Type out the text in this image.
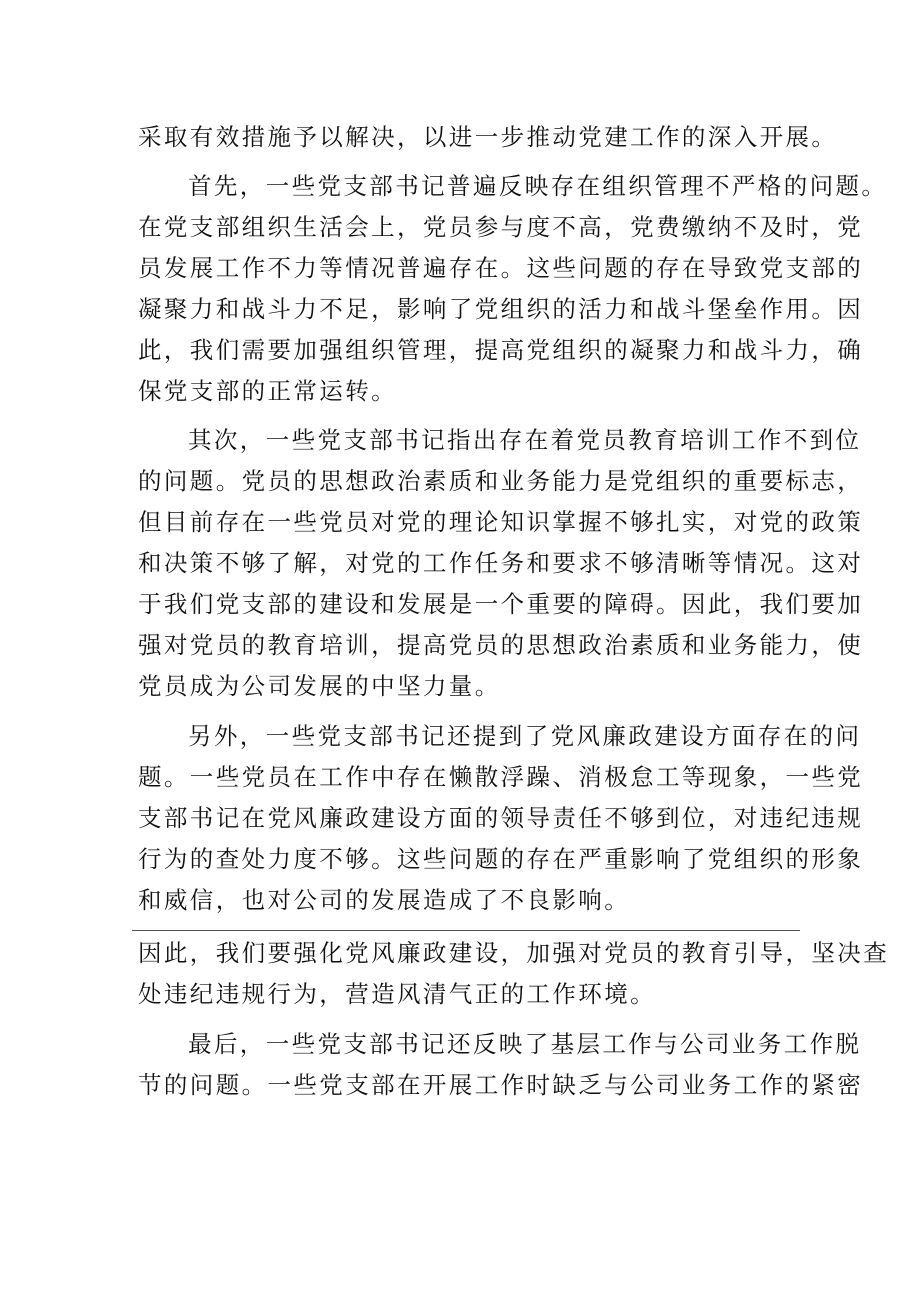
采取有效措施予以解决，以进一步推动党建工作的深入开展。
首先，一些党支部书记普遍反映存在组织管理不严格的问题。
在党支部组织生活会上，党员参与度不高，党费缴纳不及时，党
员发展工作不力等情况普遍存在。这些问题的存在导致党支部的
凝聚力和战斗力不足，影响了党组织的活力和战斗堡垒作用。因
此，我们需要加强组织管理，提高党组织的凝聚力和战斗力，确
保党支部的正常运转。
其次，一些党支部书记指出存在着党员教育培训工作不到位
的问题。党员的思想政治素质和业务能力是党组织的重要标志，
但目前存在一些党员对党的理论知识掌握不够扎实，对党的政策
和决策不够了解，对党的工作任务和要求不够清晰等情况。这对
于我们党支部的建设和发展是一个重要的障碍。因此，我们要加
强对党员的教育培训，提高党员的思想政治素质和业务能力，使
党员成为公司发展的中坚力量。
另外，一些党支部书记还提到了党风廉政建设方面存在的问
题。一些党员在工作中存在懒散浮躁、消极怠工等现象，一些党
支部书记在党风廉政建设方面的领导责任不够到位，对违纪违规
行为的查处力度不够。这些问题的存在严重影响了党组织的形象
和威信，也对公司的发展造成了不良影响。
因此，我们要强化党风廉政建设，加强对党员的教育引导，坚决查
处违纪违规行为，营造风清气正的工作环境。
最后，一些党支部书记还反映了基层工作与公司业务工作脱
节的问题。一些党支部在开展工作时缺乏与公司业务工作的紧密
